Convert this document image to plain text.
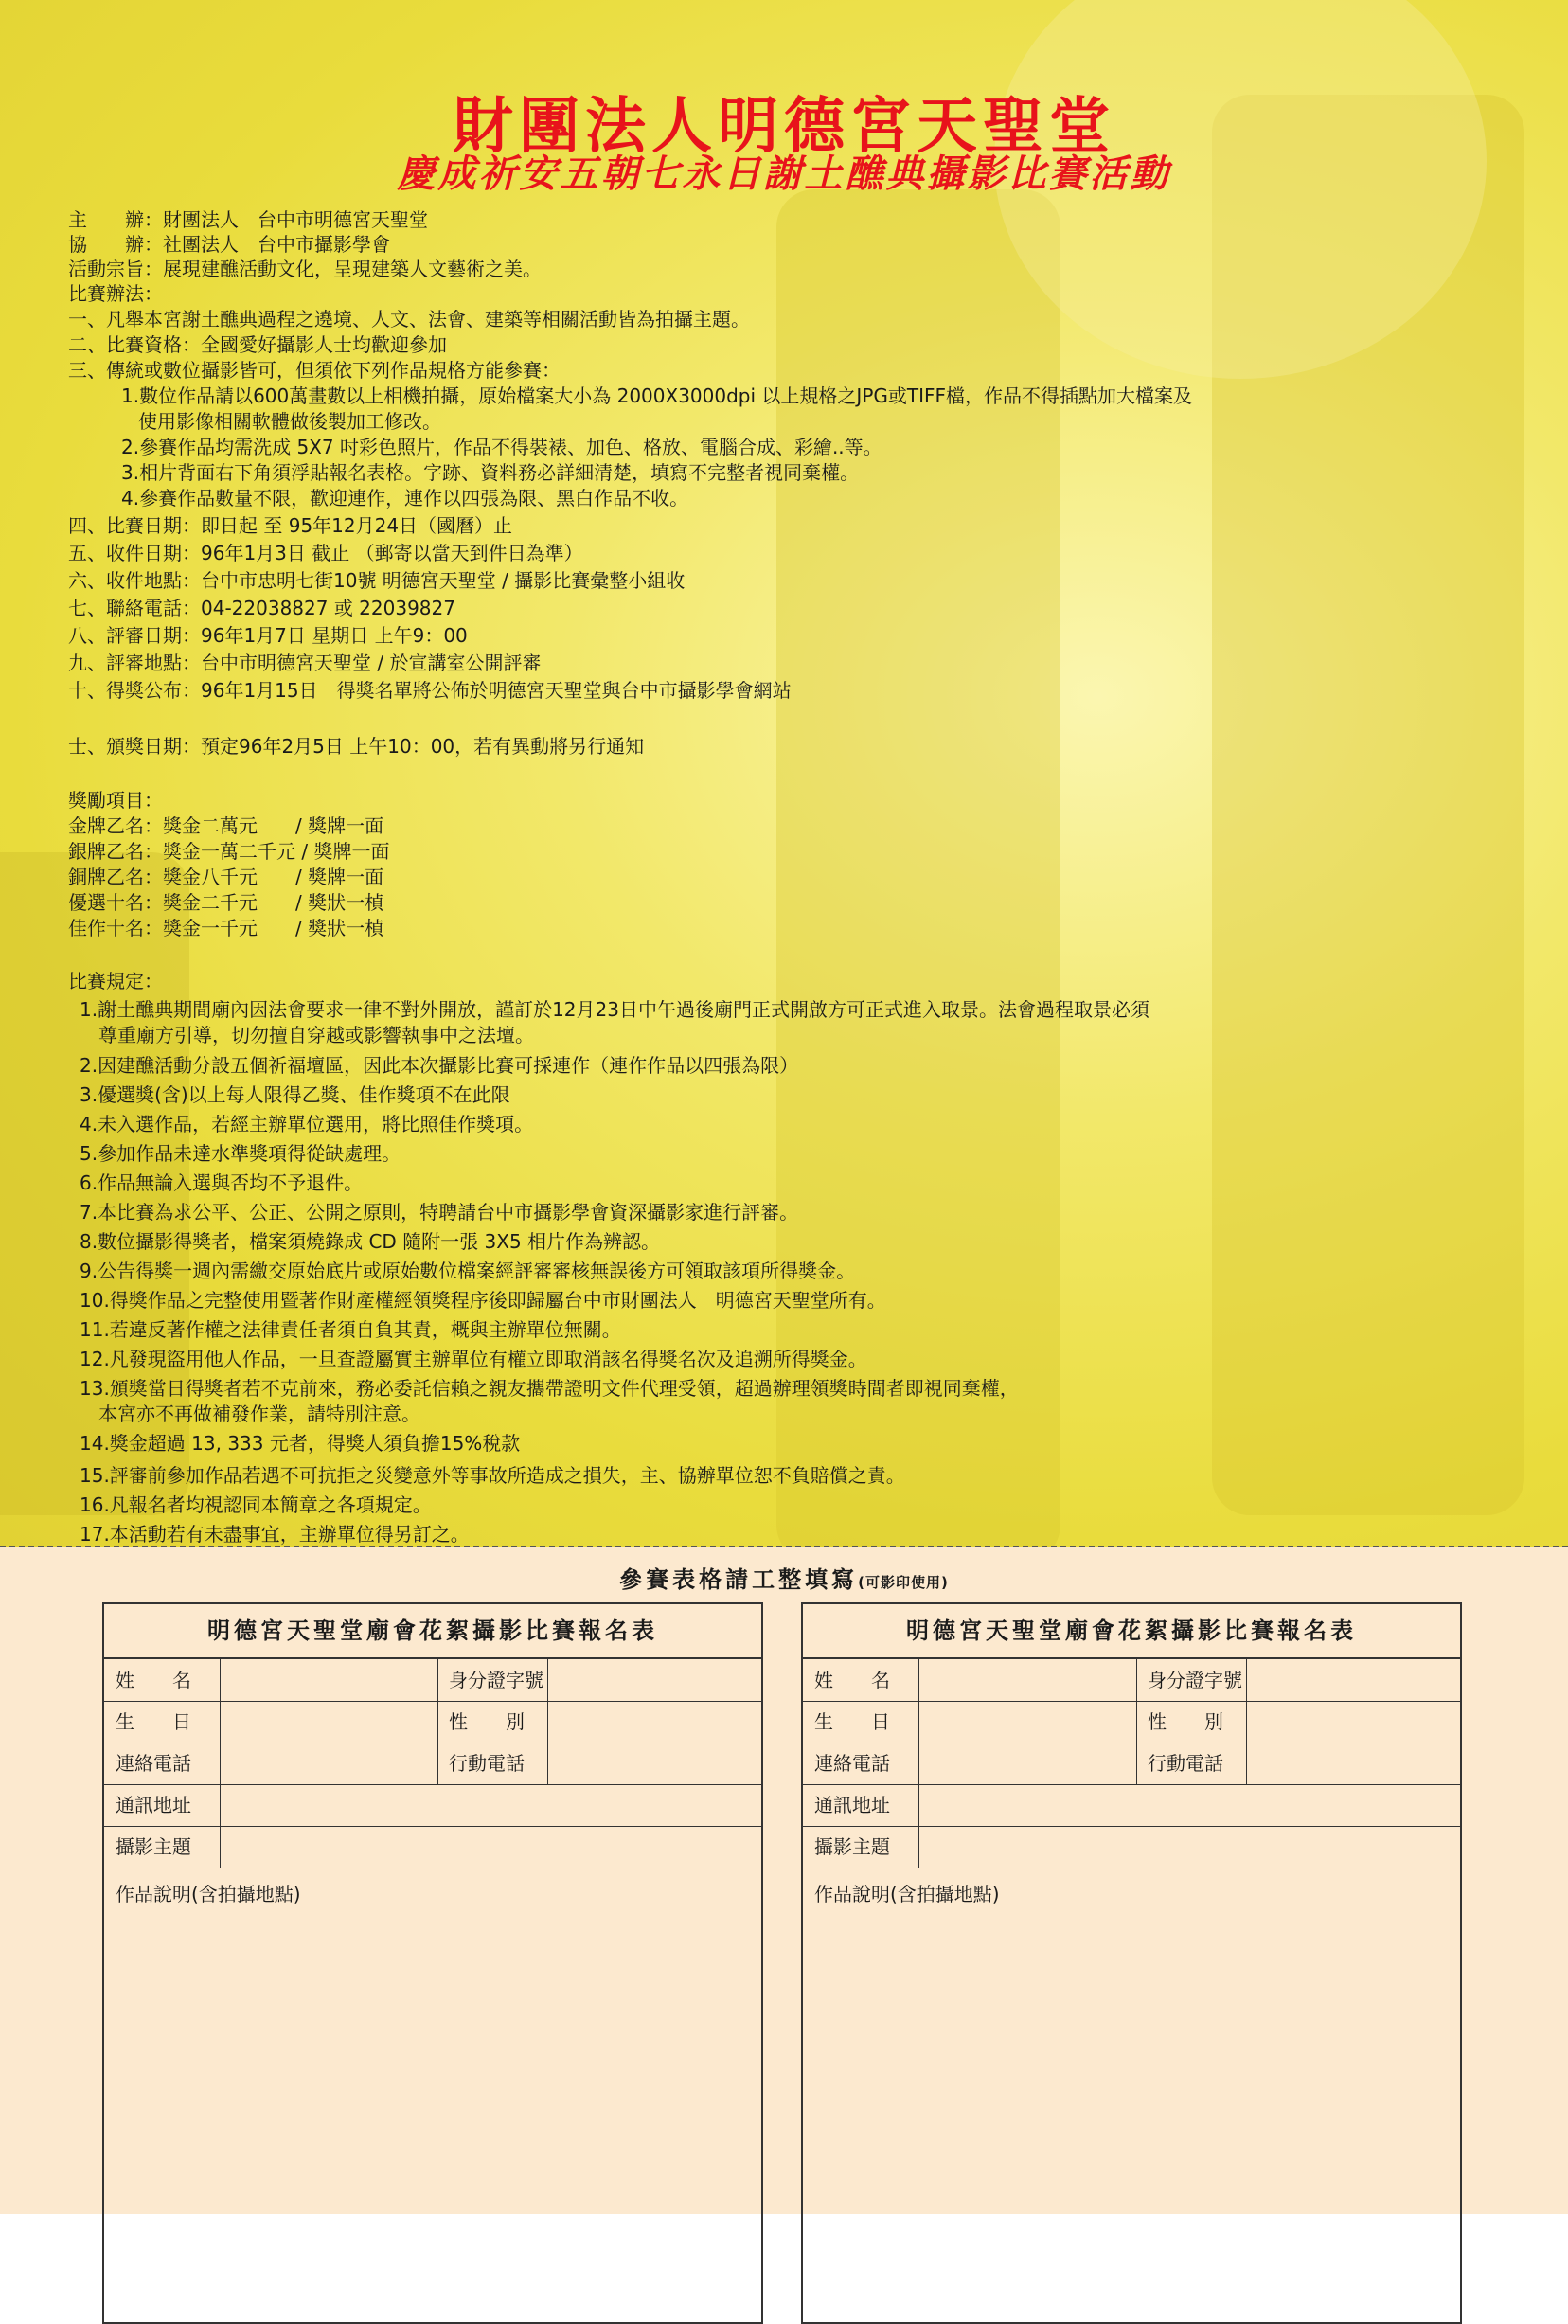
財團法人明德宮天聖堂
慶成祈安五朝七永日謝土醮典攝影比賽活動
主　　辦：財團法人　台中市明德宮天聖堂
協　　辦：社團法人　台中市攝影學會
活動宗旨：展現建醮活動文化，呈現建築人文藝術之美。
比賽辦法：
一、凡舉本宮謝土醮典過程之遶境、人文、法會、建築等相關活動皆為拍攝主題。
二、比賽資格：全國愛好攝影人士均歡迎參加
三、傳統或數位攝影皆可，但須依下列作品規格方能參賽：
1.數位作品請以600萬畫數以上相機拍攝，原始檔案大小為 2000X3000dpi 以上規格之JPG或TIFF檔，作品不得插點加大檔案及
使用影像相關軟體做後製加工修改。
2.參賽作品均需洗成 5X7 吋彩色照片，作品不得裝裱、加色、格放、電腦合成、彩繪..等。
3.相片背面右下角須浮貼報名表格。字跡、資料務必詳細清楚，填寫不完整者視同棄權。
4.參賽作品數量不限，歡迎連作，連作以四張為限、黑白作品不收。
四、比賽日期：即日起 至 95年12月24日（國曆）止
五、收件日期：96年1月3日 截止 （郵寄以當天到件日為準）
六、收件地點：台中市忠明七街10號 明德宮天聖堂 / 攝影比賽彙整小組收
七、聯絡電話：04-22038827 或 22039827
八、評審日期：96年1月7日 星期日 上午9：00
九、評審地點：台中市明德宮天聖堂 / 於宣講室公開評審
十、得獎公布：96年1月15日　得獎名單將公佈於明德宮天聖堂與台中市攝影學會網站
士、頒獎日期：預定96年2月5日 上午10：00，若有異動將另行通知
獎勵項目：
金牌乙名：獎金二萬元　　/ 獎牌一面
銀牌乙名：獎金一萬二千元 / 獎牌一面
銅牌乙名：獎金八千元　　/ 獎牌一面
優選十名：獎金二千元　　/ 獎狀一楨
佳作十名：獎金一千元　　/ 獎狀一楨
比賽規定：
1.謝土醮典期間廟內因法會要求一律不對外開放，謹訂於12月23日中午過後廟門正式開啟方可正式進入取景。法會過程取景必須
尊重廟方引導，切勿擅自穿越或影響執事中之法壇。
2.因建醮活動分設五個祈福壇區，因此本次攝影比賽可採連作（連作作品以四張為限）
3.優選獎(含)以上每人限得乙獎、佳作獎項不在此限
4.未入選作品，若經主辦單位選用，將比照佳作獎項。
5.參加作品未達水準獎項得從缺處理。
6.作品無論入選與否均不予退件。
7.本比賽為求公平、公正、公開之原則，特聘請台中市攝影學會資深攝影家進行評審。
8.數位攝影得獎者，檔案須燒錄成 CD 隨附一張 3X5 相片作為辨認。
9.公告得獎一週內需繳交原始底片或原始數位檔案經評審審核無誤後方可領取該項所得獎金。
10.得獎作品之完整使用暨著作財產權經領獎程序後即歸屬台中市財團法人　明德宮天聖堂所有。
11.若違反著作權之法律責任者須自負其責，概與主辦單位無關。
12.凡發現盜用他人作品，一旦查證屬實主辦單位有權立即取消該名得獎名次及追溯所得獎金。
13.頒獎當日得獎者若不克前來，務必委託信賴之親友攜帶證明文件代理受領，超過辦理領獎時間者即視同棄權，
本宮亦不再做補發作業，請特別注意。
14.獎金超過 13, 333 元者，得獎人須負擔15%稅款
15.評審前參加作品若遇不可抗拒之災變意外等事故所造成之損失，主、協辦單位恕不負賠償之責。
16.凡報名者均視認同本簡章之各項規定。
17.本活動若有未盡事宜，主辦單位得另訂之。
參賽表格請工整填寫(可影印使用)
明德宮天聖堂廟會花絮攝影比賽報名表
姓　　名	身分證字號
生　　日	性　　別
連絡電話	行動電話
通訊地址
攝影主題
作品說明(含拍攝地點)
明德宮天聖堂廟會花絮攝影比賽報名表
姓　　名	身分證字號
生　　日	性　　別
連絡電話	行動電話
通訊地址
攝影主題
作品說明(含拍攝地點)
